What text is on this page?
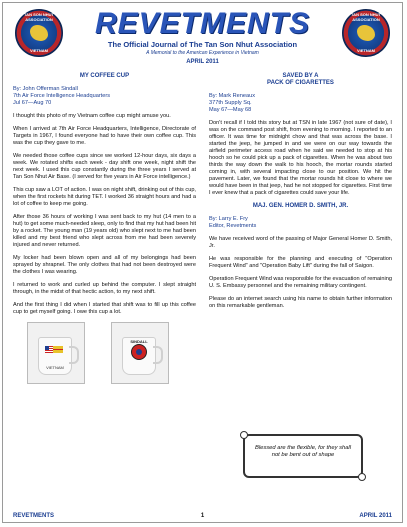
TAN SON NHUT ASSOCIATION
VIETNAM
REVETMENTS
The Official Journal of The Tan Son Nhut Association
A Memorial to the American Experience in Vietnam
APRIL 2011
TAN SON NHUT ASSOCIATION
VIETNAM
MY COFFEE CUP
By: John Offerman Sindall
7th Air Force Intelligence Headquarters
Jul 67—Aug 70

I thought this photo of my Vietnam coffee cup might amuse you.

When I arrived at 7th Air Force Headquarters, Intelligence, Directorate of Targets in 1967, I found everyone had to have their own coffee cup. This was the cup they gave to me.

We needed those coffee cups since we worked 12-hour days, six days a week. We rotated shifts each week - day shift one week, night shift the next week. I used this cup constantly during the three years I served at Tan Son Nhut Air Base. (I served for five years in Air Force intelligence.)

This cup saw a LOT of action. I was on night shift, drinking out of this cup, when the first rockets hit during TET. I worked 36 straight hours and had a lot of coffee to keep me going.

After those 36 hours of working I was sent back to my hut (14 men to a hut) to get some much-needed sleep, only to find that my hut had been hit by a rocket. The young man (19 years old) who slept next to me had been killed and my best friend who slept across from me had been severely injured and never returned.

My locker had been blown open and all of my belongings had been sprayed by shrapnel. The only clothes that had not been destroyed were the clothes I was wearing.

I returned to work and curled up behind the computer. I slept straight through, in the midst of that hectic action, to my next shift.

And the first thing I did when I started that shift was to fill up this coffee cup to get myself going. I owe this cup a lot.

VIETNAM
SINDALL
SAVED BY A
PACK OF CIGARETTES
By: Mark Reneaux
377th Supply Sq.
May 67—May 68

Don't recall if I told this story but at TSN in late 1967 (not sure of date), I was on the command post shift, from evening to morning. I reported to an officer. It was time for midnight chow and that was across the base. I started the jeep, he jumped in and we were on our way towards the airfield perimeter access road when he said we needed to stop at his hooch so he could pick up a pack of cigarettes. When he was about two thirds the way down the walk to his hooch, the mortar rounds started coming in, with several impacting close to our position. We hit the pavement. Later, we found that the mortar rounds hit close to where we would have been in that jeep, had he not stopped for cigarettes. First time I ever knew that a pack of cigarettes could save your life.

MAJ. GEN. HOMER D. SMITH, JR.
By: Larry E. Fry
Editor, Revetments

We have received word of the passing of Major General Homer D. Smith, Jr.

He was responsible for the planning and executing of "Operation Frequent Wind" and "Operation Baby Lift" during the fall of Saigon.

Operation Frequent Wind was responsible for the evacuation of remaining U. S. Embassy personnel and the remaining military contingent.

Please do an internet search using his name to obtain further information on this remarkable gentleman.

Blessed are the flexible, for they shall not be bent out of shape
REVETMENTS	1	APRIL 2011
